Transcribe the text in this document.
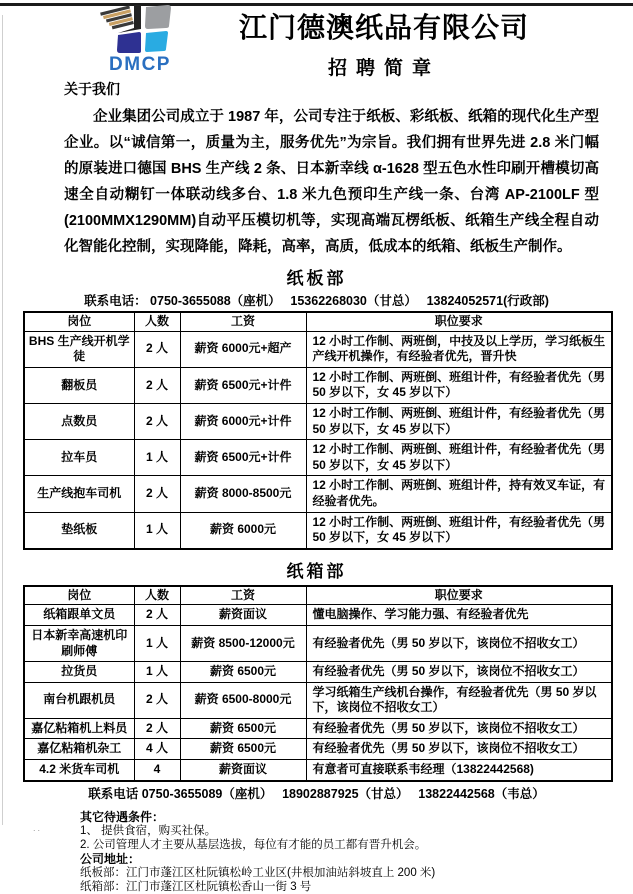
DMCP
江门德澳纸品有限公司
招聘简章
关于我们
企业集团公司成立于 1987 年，公司专注于纸板、彩纸板、纸箱的现代化生产型企业。以“诚信第一，质量为主，服务优先”为宗旨。我们拥有世界先进 2.8 米门幅的原装进口德国 BHS 生产线 2 条、日本新幸线 α-1628 型五色水性印刷开槽模切高速全自动糊钉一体联动线多台、1.8 米九色预印生产线一条、台湾 AP-2100LF 型(2100MMX1290MM)自动平压模切机等，实现高端瓦楞纸板、纸箱生产线全程自动化智能化控制，实现降能，降耗，高率，高质，低成本的纸箱、纸板生产制作。
纸板部
联系电话： 0750-3655088（座机）　 15362268030（甘总）　 13824052571(行政部)
岗位	人数	工资	职位要求
BHS 生产线开机学徒	2 人	薪资 6000元+超产	12 小时工作制、两班倒，中技及以上学历，学习纸板生产线开机操作，有经验者优先，晋升快
翻板员	2 人	薪资 6500元+计件	12 小时工作制、两班倒、班组计件，有经验者优先（男 50 岁以下，女 45 岁以下）
点数员	2 人	薪资 6000元+计件	12 小时工作制、两班倒、班组计件，有经验者优先（男 50 岁以下，女 45 岁以下）
拉车员	1 人	薪资 6500元+计件	12 小时工作制、两班倒、班组计件，有经验者优先（男 50 岁以下，女 45 岁以下）
生产线抱车司机	2 人	薪资 8000-8500元	12 小时工作制、两班倒、班组计件，持有效叉车证，有经验者优先。
垫纸板	1 人	薪资 6000元	12 小时工作制、两班倒、班组计件，有经验者优先（男 50 岁以下，女 45 岁以下）
纸箱部
岗位	人数	工资	职位要求
纸箱跟单文员	2 人	薪资面议	懂电脑操作、学习能力强、有经验者优先
日本新幸高速机印刷师傅	1 人	薪资 8500-12000元	有经验者优先（男 50 岁以下，该岗位不招收女工）
拉货员	1 人	薪资 6500元	有经验者优先（男 50 岁以下，该岗位不招收女工）
南台机跟机员	2 人	薪资 6500-8000元	学习纸箱生产线机台操作，有经验者优先（男 50 岁以下，该岗位不招收女工）
嘉亿粘箱机上料员	2 人	薪资 6500元	有经验者优先（男 50 岁以下，该岗位不招收女工）
嘉亿粘箱机杂工	4 人	薪资 6500元	有经验者优先（男 50 岁以下，该岗位不招收女工）
4.2 米货车司机	4	薪资面议	有意者可直接联系韦经理（13822442568)
联系电话 0750-3655089（座机）　 18902887925（甘总）　 13822442568（韦总）
其它待遇条件：
1、 提供食宿，购买社保。
2. 公司管理人才主要从基层选拔，每位有才能的员工都有晋升机会。
公司地址：
纸板部：江门市蓬江区杜阮镇松岭工业区(井根加油站斜坡直上 200 米)
纸箱部：江门市蓬江区杜阮镇松香山一街 3 号
..
